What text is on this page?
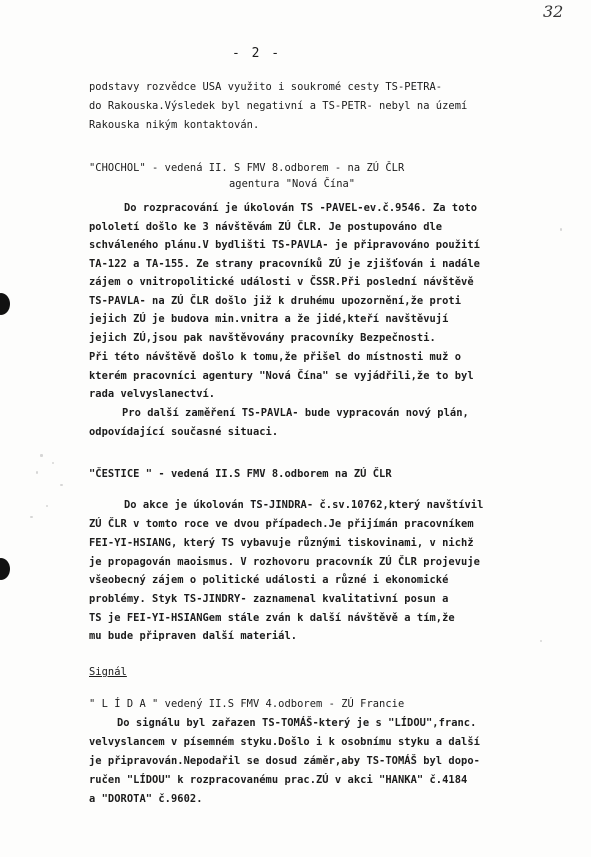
32
- 2 -
podstavy rozvědce USA využito i soukromé cesty TS-PETRA-
do Rakouska.Výsledek byl negativní a TS-PETR- nebyl na území
Rakouska nikým kontaktován.
"CHOCHOL" - vedená II. S FMV 8.odborem - na ZÚ ČLR
agentura "Nová Čína"
Do rozpracování je úkolován TS -PAVEL-ev.č.9546. Za toto
pololetí došlo ke 3 návštěvám ZÚ ČLR. Je postupováno dle
schváleného plánu.V bydlišti TS-PAVLA- je připravováno použití
TA-122 a TA-155. Ze strany pracovníků ZÚ je zjišťován i nadále
zájem o vnitropolitické události v ČSSR.Při poslední návštěvě
TS-PAVLA- na ZÚ ČLR došlo již k druhému upozornění,že proti
jejich ZÚ je budova min.vnitra a že jidé,kteří navštěvují
jejich ZÚ,jsou pak navštěvovány pracovníky Bezpečnosti.
Při této návštěvě došlo k tomu,že přišel do místnosti muž o
kterém pracovníci agentury "Nová Čína" se vyjádřili,že to byl
rada velvyslanectví.
Pro další zaměření TS-PAVLA- bude vypracován nový plán,
odpovídající současné situaci.
"ČESTICE " - vedená II.S FMV 8.odborem na ZÚ ČLR
Do akce je úkolován TS-JINDRA- č.sv.10762,který navštívil
ZÚ ČLR v tomto roce ve dvou případech.Je přijímán pracovníkem
FEI-YI-HSIANG, který TS vybavuje různými tiskovinami, v nichž
je propagován maoismus. V rozhovoru pracovník ZÚ ČLR projevuje
všeobecný zájem o politické události a různé i ekonomické
problémy. Styk TS-JINDRY- zaznamenal kvalitativní posun a
TS je FEI-YI-HSIANGem stále zván k další návštěvě a tím,že
mu bude připraven další materiál.
Signál
" L Í D A " vedený II.S FMV 4.odborem - ZÚ Francie
Do signálu byl zařazen TS-TOMÁŠ-který je s "LÍDOU",franc.
velvyslancem v písemném styku.Došlo i k osobnímu styku a další
je připravován.Nepodařil se dosud záměr,aby TS-TOMÁŠ byl dopo-
ručen "LÍDOU" k rozpracovanému prac.ZÚ v akci "HANKA" č.4184
a "DOROTA" č.9602.
